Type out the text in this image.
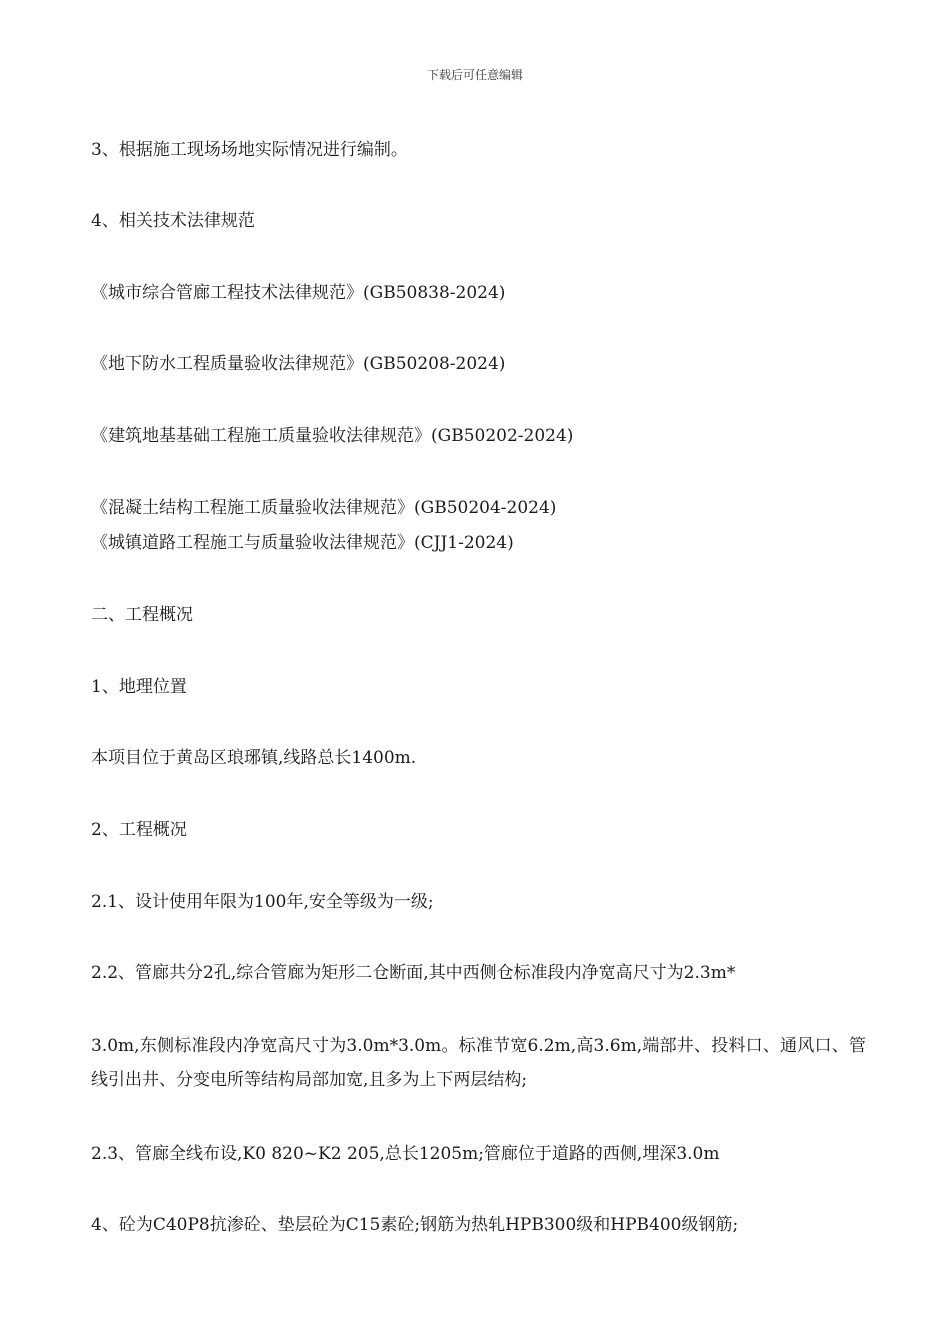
下载后可任意编辑
3、根据施工现场场地实际情况进行编制。
4、相关技术法律规范
《城市综合管廊工程技术法律规范》(GB50838-2024)
《地下防水工程质量验收法律规范》(GB50208-2024)
《建筑地基基础工程施工质量验收法律规范》(GB50202-2024)
《混凝土结构工程施工质量验收法律规范》(GB50204-2024)
《城镇道路工程施工与质量验收法律规范》(CJJ1-2024)
二、工程概况
1、地理位置
本项目位于黄岛区琅琊镇,线路总长1400m.
2、工程概况
2.1、设计使用年限为100年,安全等级为一级;
2.2、管廊共分2孔,综合管廊为矩形二仓断面,其中西侧仓标准段内净宽高尺寸为2.3m*
3.0m,东侧标准段内净宽高尺寸为3.0m*3.0m。标准节宽6.2m,高3.6m,端部井、投料口、通风口、管线引出井、分变电所等结构局部加宽,且多为上下两层结构;
2.3、管廊全线布设,K0 820~K2 205,总长1205m;管廊位于道路的西侧,埋深3.0m
4、砼为C40P8抗渗砼、垫层砼为C15素砼;钢筋为热轧HPB300级和HPB400级钢筋;
